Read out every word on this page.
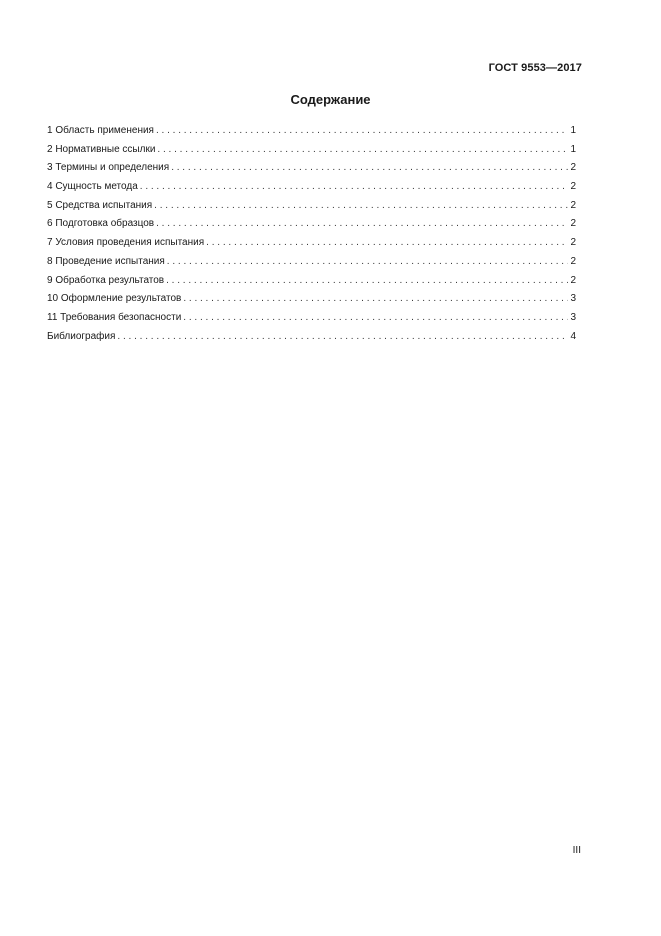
ГОСТ 9553—2017
Содержание
1 Область применения . . .	1
2 Нормативные ссылки . . .	1
3 Термины и определения . . .	2
4 Сущность метода . . .	2
5 Средства испытания . . .	2
6 Подготовка образцов . . .	2
7 Условия проведения испытания . . .	2
8 Проведение испытания . . .	2
9 Обработка результатов . . .	2
10 Оформление результатов . . .	3
11 Требования безопасности . . .	3
Библиография . . .	4
III
